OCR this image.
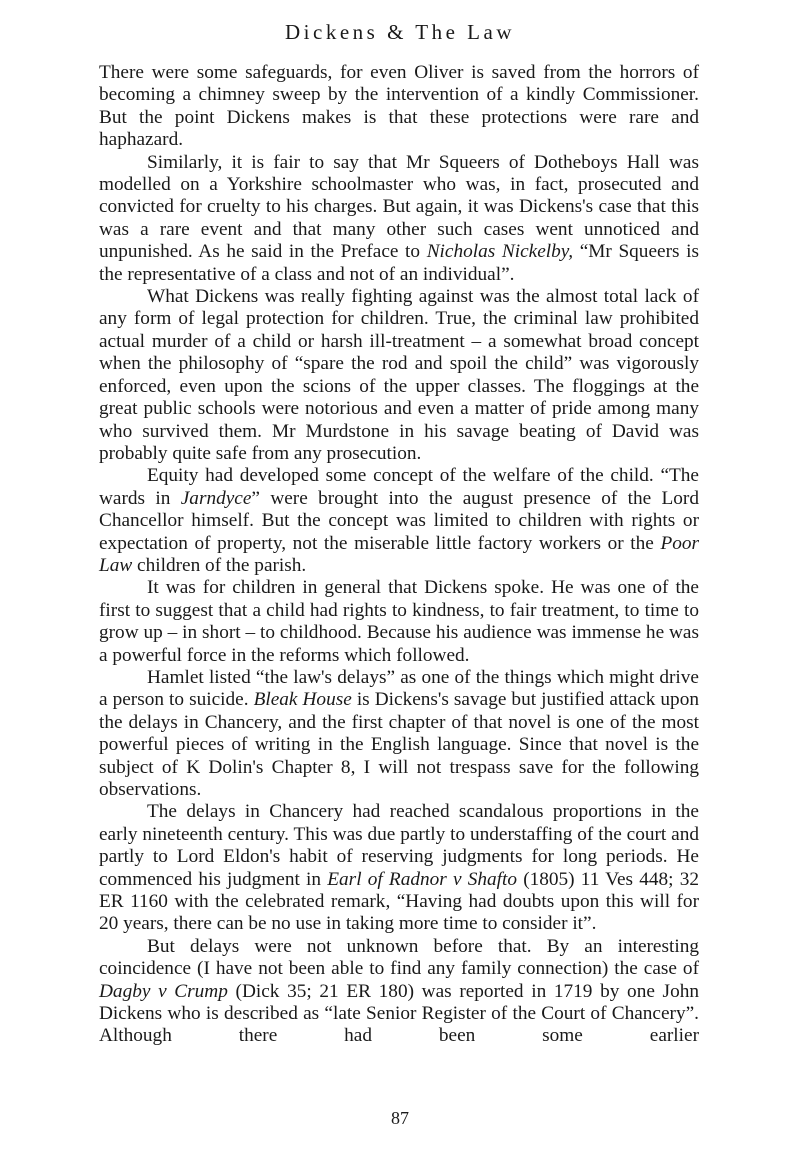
Dickens & The Law

There were some safeguards, for even Oliver is saved from the horrors of becoming a chimney sweep by the intervention of a kindly Commissioner. But the point Dickens makes is that these protections were rare and haphazard.

Similarly, it is fair to say that Mr Squeers of Dotheboys Hall was modelled on a Yorkshire schoolmaster who was, in fact, prosecuted and convicted for cruelty to his charges. But again, it was Dickens's case that this was a rare event and that many other such cases went unnoticed and unpunished. As he said in the Preface to Nicholas Nickelby, “Mr Squeers is the representative of a class and not of an individual”.

What Dickens was really fighting against was the almost total lack of any form of legal protection for children. True, the criminal law prohibited actual murder of a child or harsh ill-treatment – a somewhat broad concept when the philosophy of “spare the rod and spoil the child” was vigorously enforced, even upon the scions of the upper classes. The floggings at the great public schools were notorious and even a matter of pride among many who survived them. Mr Murdstone in his savage beating of David was probably quite safe from any prosecution.

Equity had developed some concept of the welfare of the child. “The wards in Jarndyce” were brought into the august presence of the Lord Chancellor himself. But the concept was limited to children with rights or expectation of property, not the miserable little factory workers or the Poor Law children of the parish.

It was for children in general that Dickens spoke. He was one of the first to suggest that a child had rights to kindness, to fair treatment, to time to grow up – in short – to childhood. Because his audience was immense he was a powerful force in the reforms which followed.

Hamlet listed “the law's delays” as one of the things which might drive a person to suicide. Bleak House is Dickens's savage but justified attack upon the delays in Chancery, and the first chapter of that novel is one of the most powerful pieces of writing in the English language. Since that novel is the subject of K Dolin's Chapter 8, I will not trespass save for the following observations.

The delays in Chancery had reached scandalous proportions in the early nineteenth century. This was due partly to understaffing of the court and partly to Lord Eldon's habit of reserving judgments for long periods. He commenced his judgment in Earl of Radnor v Shafto (1805) 11 Ves 448; 32 ER 1160 with the celebrated remark, “Having had doubts upon this will for 20 years, there can be no use in taking more time to consider it”.

But delays were not unknown before that. By an interesting coincidence (I have not been able to find any family connection) the case of Dagby v Crump (Dick 35; 21 ER 180) was reported in 1719 by one John Dickens who is described as “late Senior Register of the Court of Chancery”. Although there had been some earlier

87
